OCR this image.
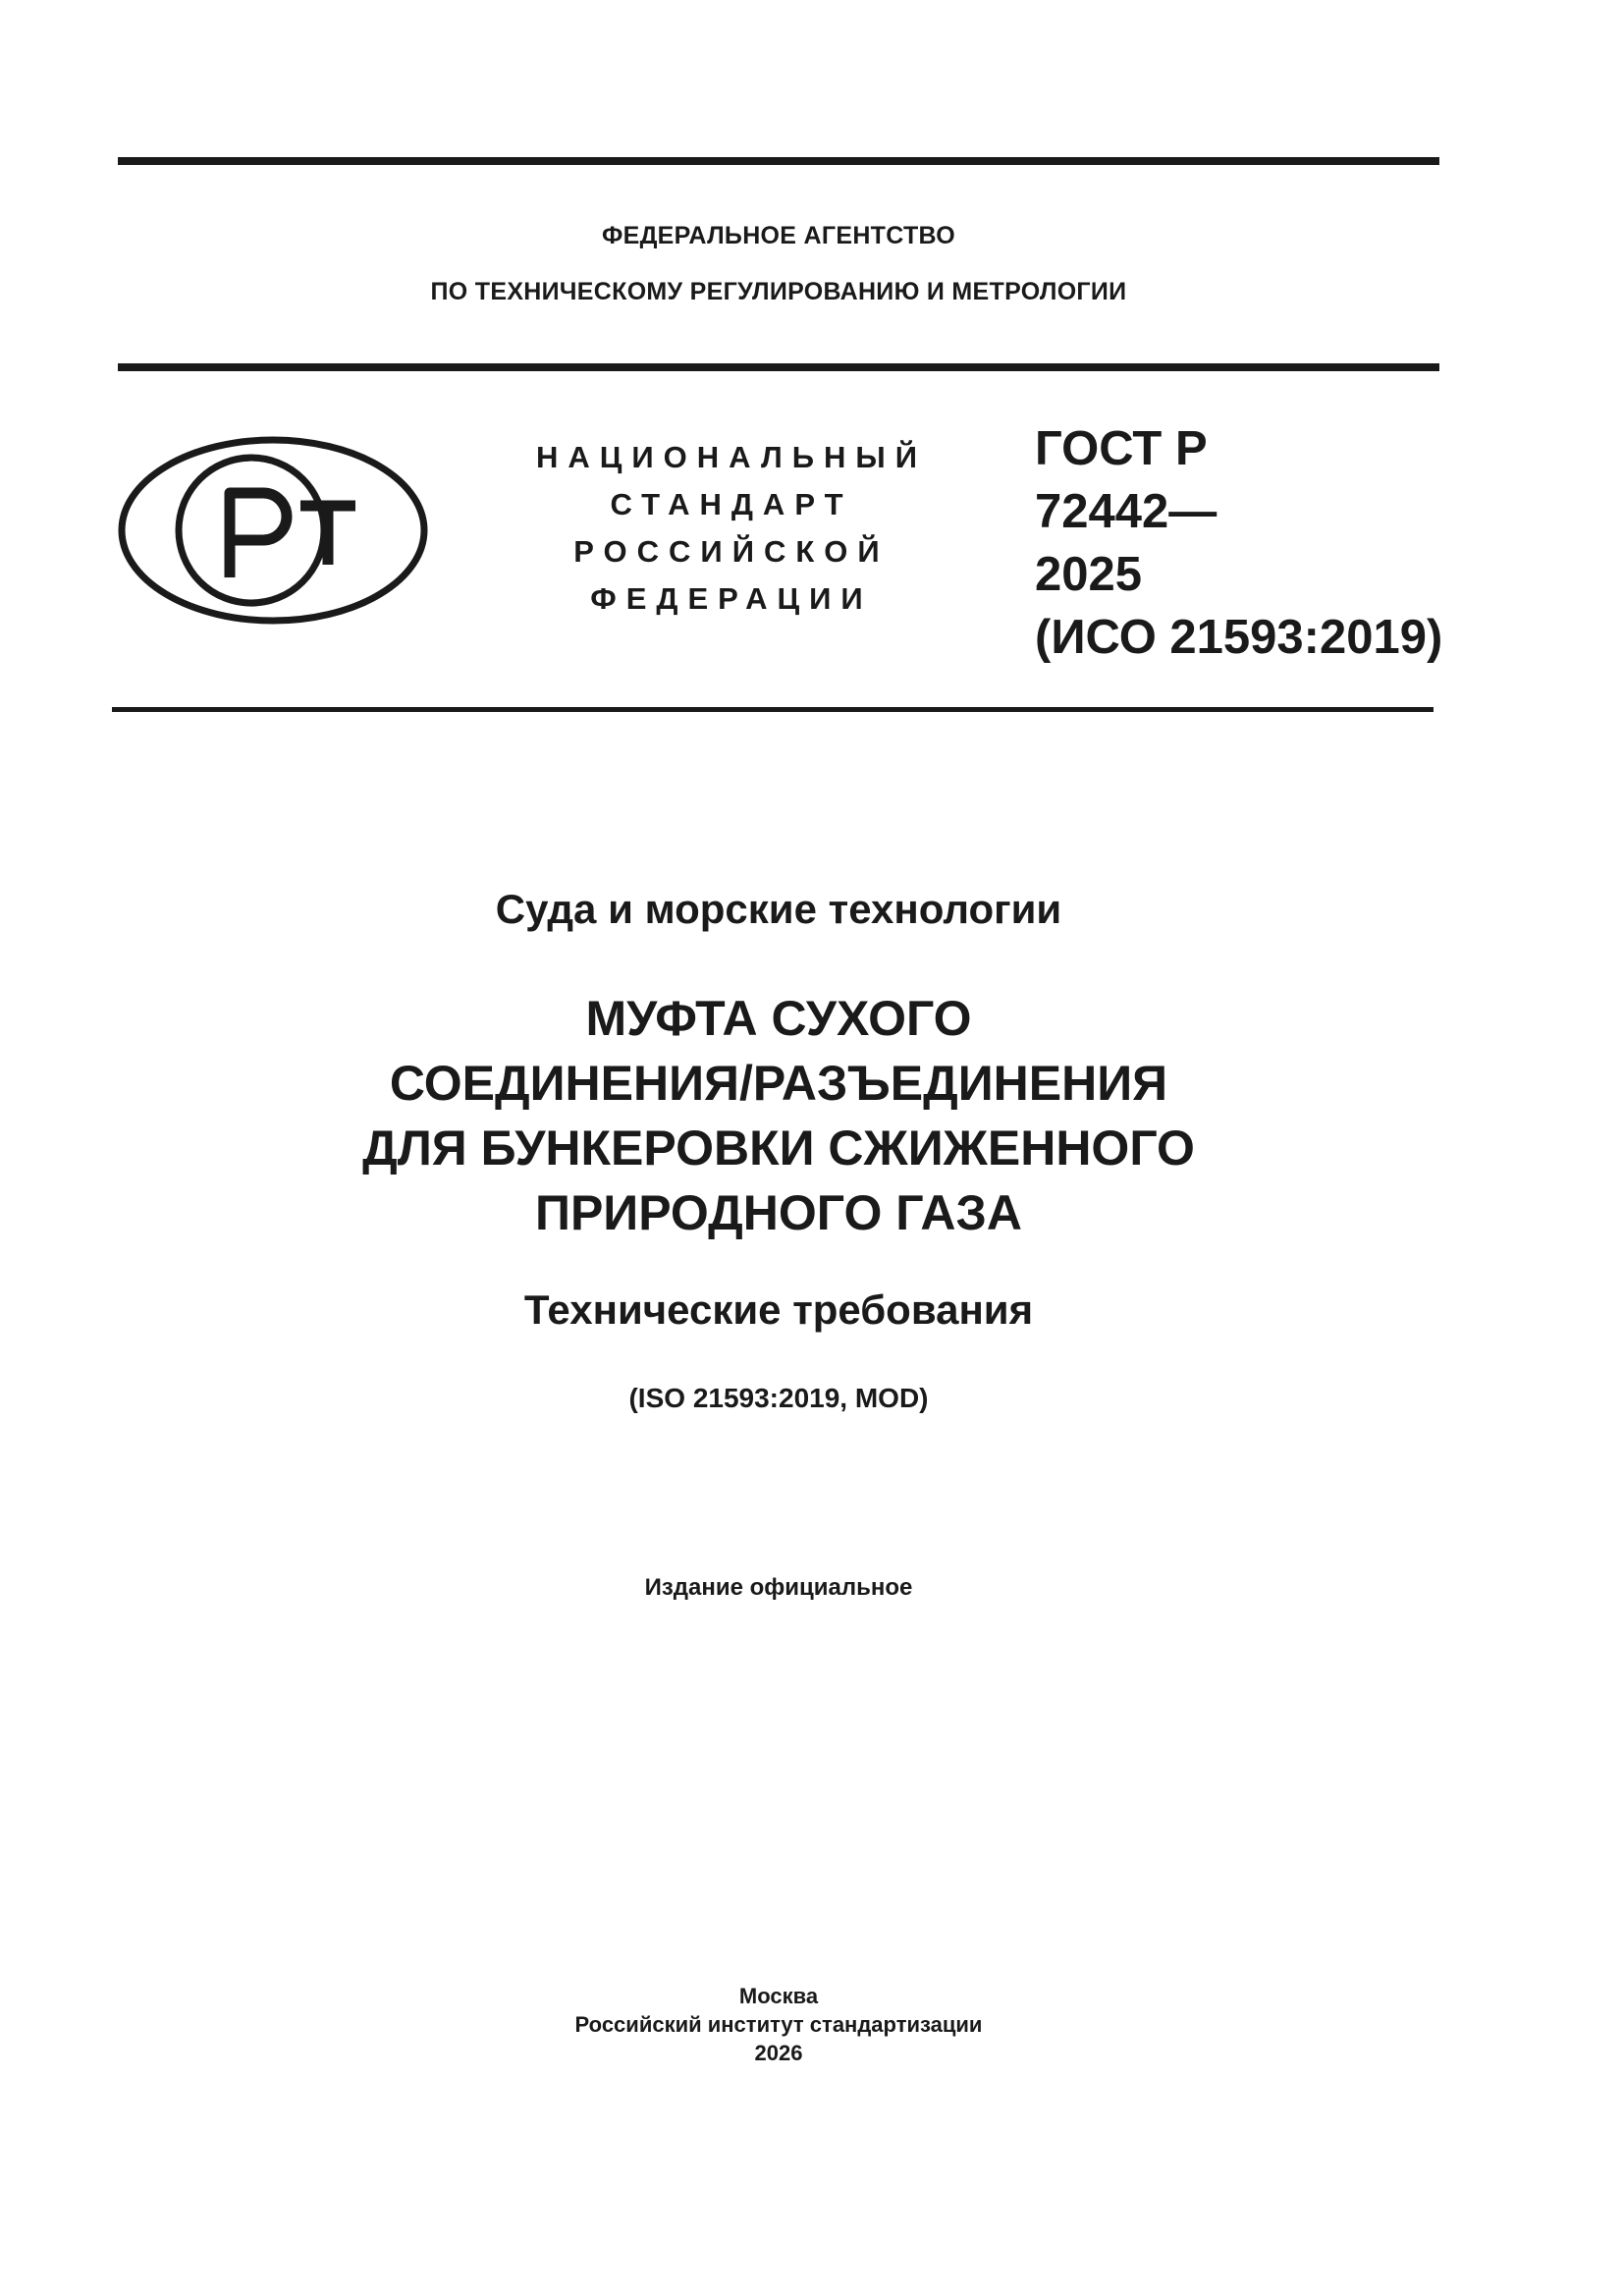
ФЕДЕРАЛЬНОЕ АГЕНТСТВО
ПО ТЕХНИЧЕСКОМУ РЕГУЛИРОВАНИЮ И МЕТРОЛОГИИ
НАЦИОНАЛЬНЫЙ
СТАНДАРТ
РОССИЙСКОЙ
ФЕДЕРАЦИИ
ГОСТ Р
72442—
2025
(ИСО 21593:2019)
Суда и морские технологии
МУФТА СУХОГО
СОЕДИНЕНИЯ/РАЗЪЕДИНЕНИЯ
ДЛЯ БУНКЕРОВКИ СЖИЖЕННОГО
ПРИРОДНОГО ГАЗА
Технические требования
(ISO 21593:2019, MOD)
Издание официальное
Москва
Российский институт стандартизации
2026
